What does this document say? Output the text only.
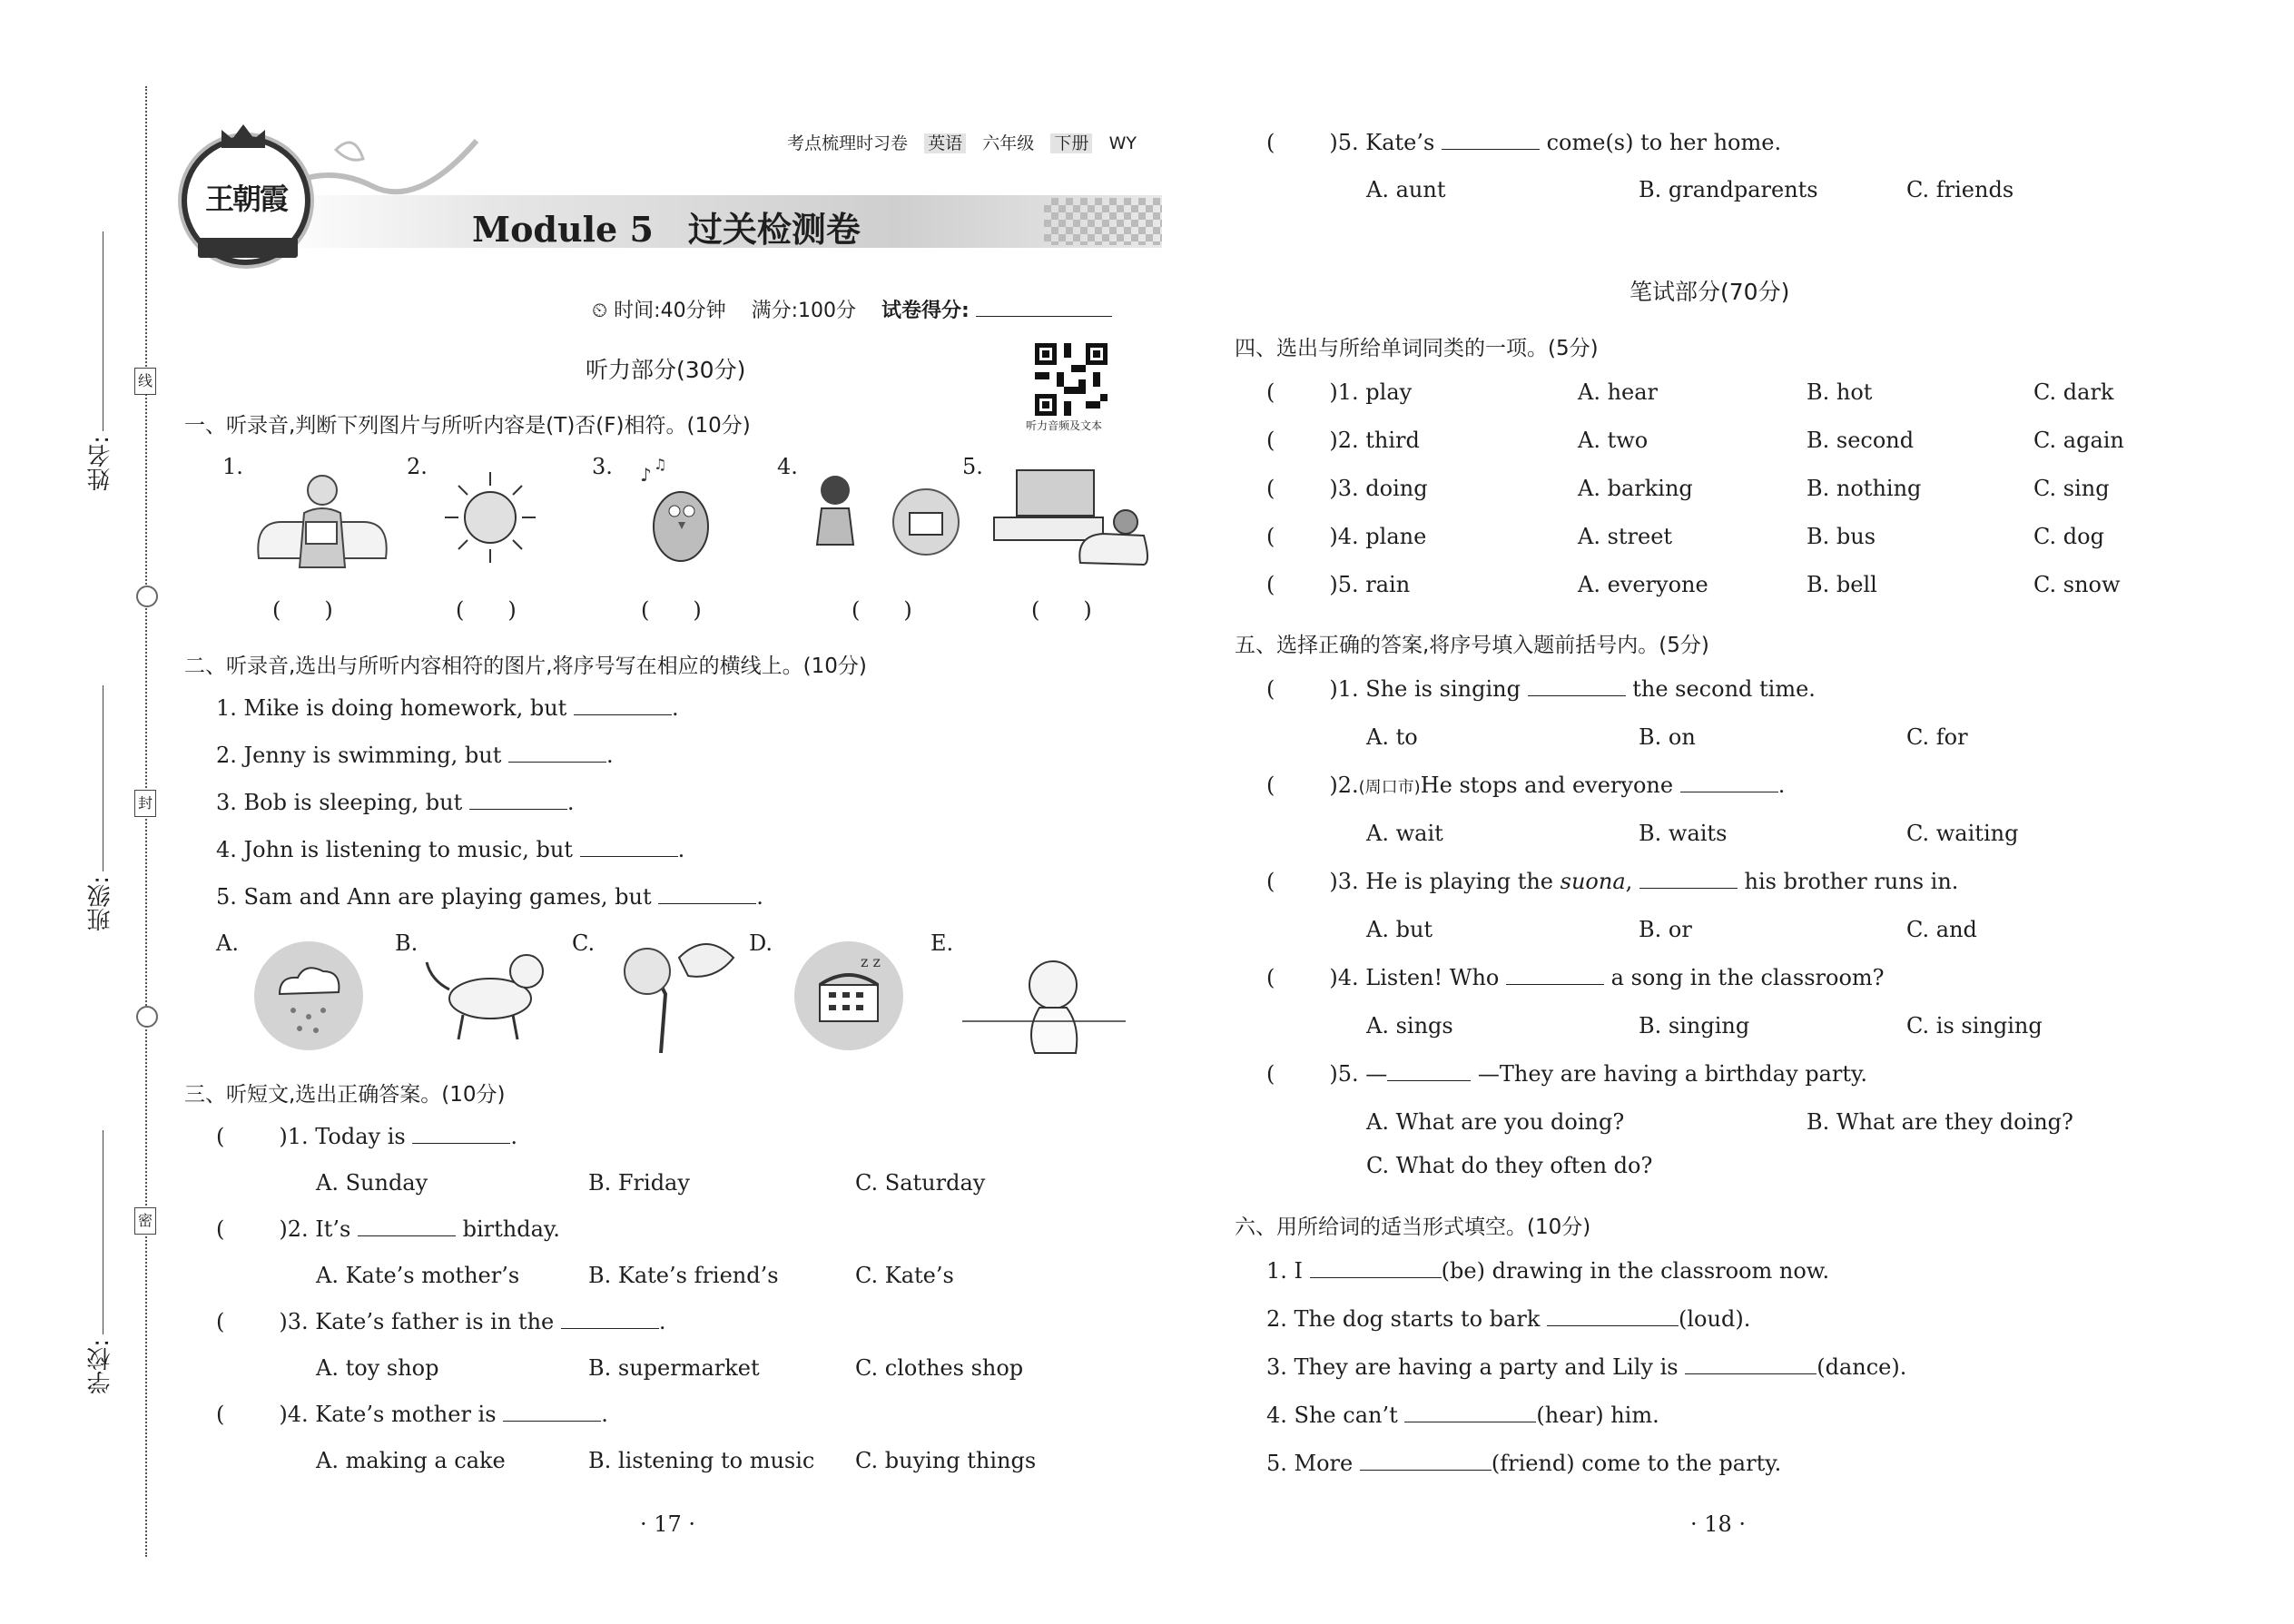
姓名:
班级:
学校:
线
封
密
王朝霞
考点梳理时习卷 英语 六年级 下册 WY
Module 5　过关检测卷
⏲ 时间:40分钟 满分:100分 试卷得分:
听力音频及文本
听力部分(30分)
一、听录音,判断下列图片与所听内容是(T)否(F)相符。(10分)
1.	2.	3.	4.	5.
♪ ♫
(　　)	(　　)	(　　)	(　　)	(　　)
二、听录音,选出与所听内容相符的图片,将序号写在相应的横线上。(10分)
1. Mike is doing homework, but	.
2. Jenny is swimming, but	.
3. Bob is sleeping, but	.
4. John is listening to music, but	.
5. Sam and Ann are playing games, but	.
A.	B.	C.	D.	E.
z z
三、听短文,选出正确答案。(10分)
(	)1. Today is	.
A. Sunday	B. Friday	C. Saturday
(	)2. It’s	birthday.
A. Kate’s mother’s	B. Kate’s friend’s	C. Kate’s
(	)3. Kate’s father is in the	.
A. toy shop	B. supermarket	C. clothes shop
(	)4. Kate’s mother is	.
A. making a cake	B. listening to music C. buying things
· 17 ·
(	)5. Kate’s	come(s) to her home.
A. aunt	B. grandparents	C. friends
笔试部分(70分)
四、选出与所给单词同类的一项。(5分)
(	)1. play	A. hear	B. hot	C. dark
(	)2. third	A. two	B. second	C. again
(	)3. doing	A. barking	B. nothing	C. sing
(	)4. plane	A. street	B. bus	C. dog
(	)5. rain	A. everyone	B. bell	C. snow
五、选择正确的答案,将序号填入题前括号内。(5分)
(	)1. She is singing	the second time.
A. to	B. on	C. for
(	)2.(周口市)He stops and everyone	.
A. wait	B. waits	C. waiting
(	)3. He is playing the suona,	his brother runs in.
A. but	B. or	C. and
(	)4. Listen! Who	a song in the classroom?
A. sings	B. singing	C. is singing
(	)5. —	—They are having a birthday party.
A. What are you doing?	B. What are they doing?
C. What do they often do?
六、用所给词的适当形式填空。(10分)
1. I	(be) drawing in the classroom now.
2. The dog starts to bark	(loud).
3. They are having a party and Lily is	(dance).
4. She can’t	(hear) him.
5. More	(friend) come to the party.
· 18 ·
